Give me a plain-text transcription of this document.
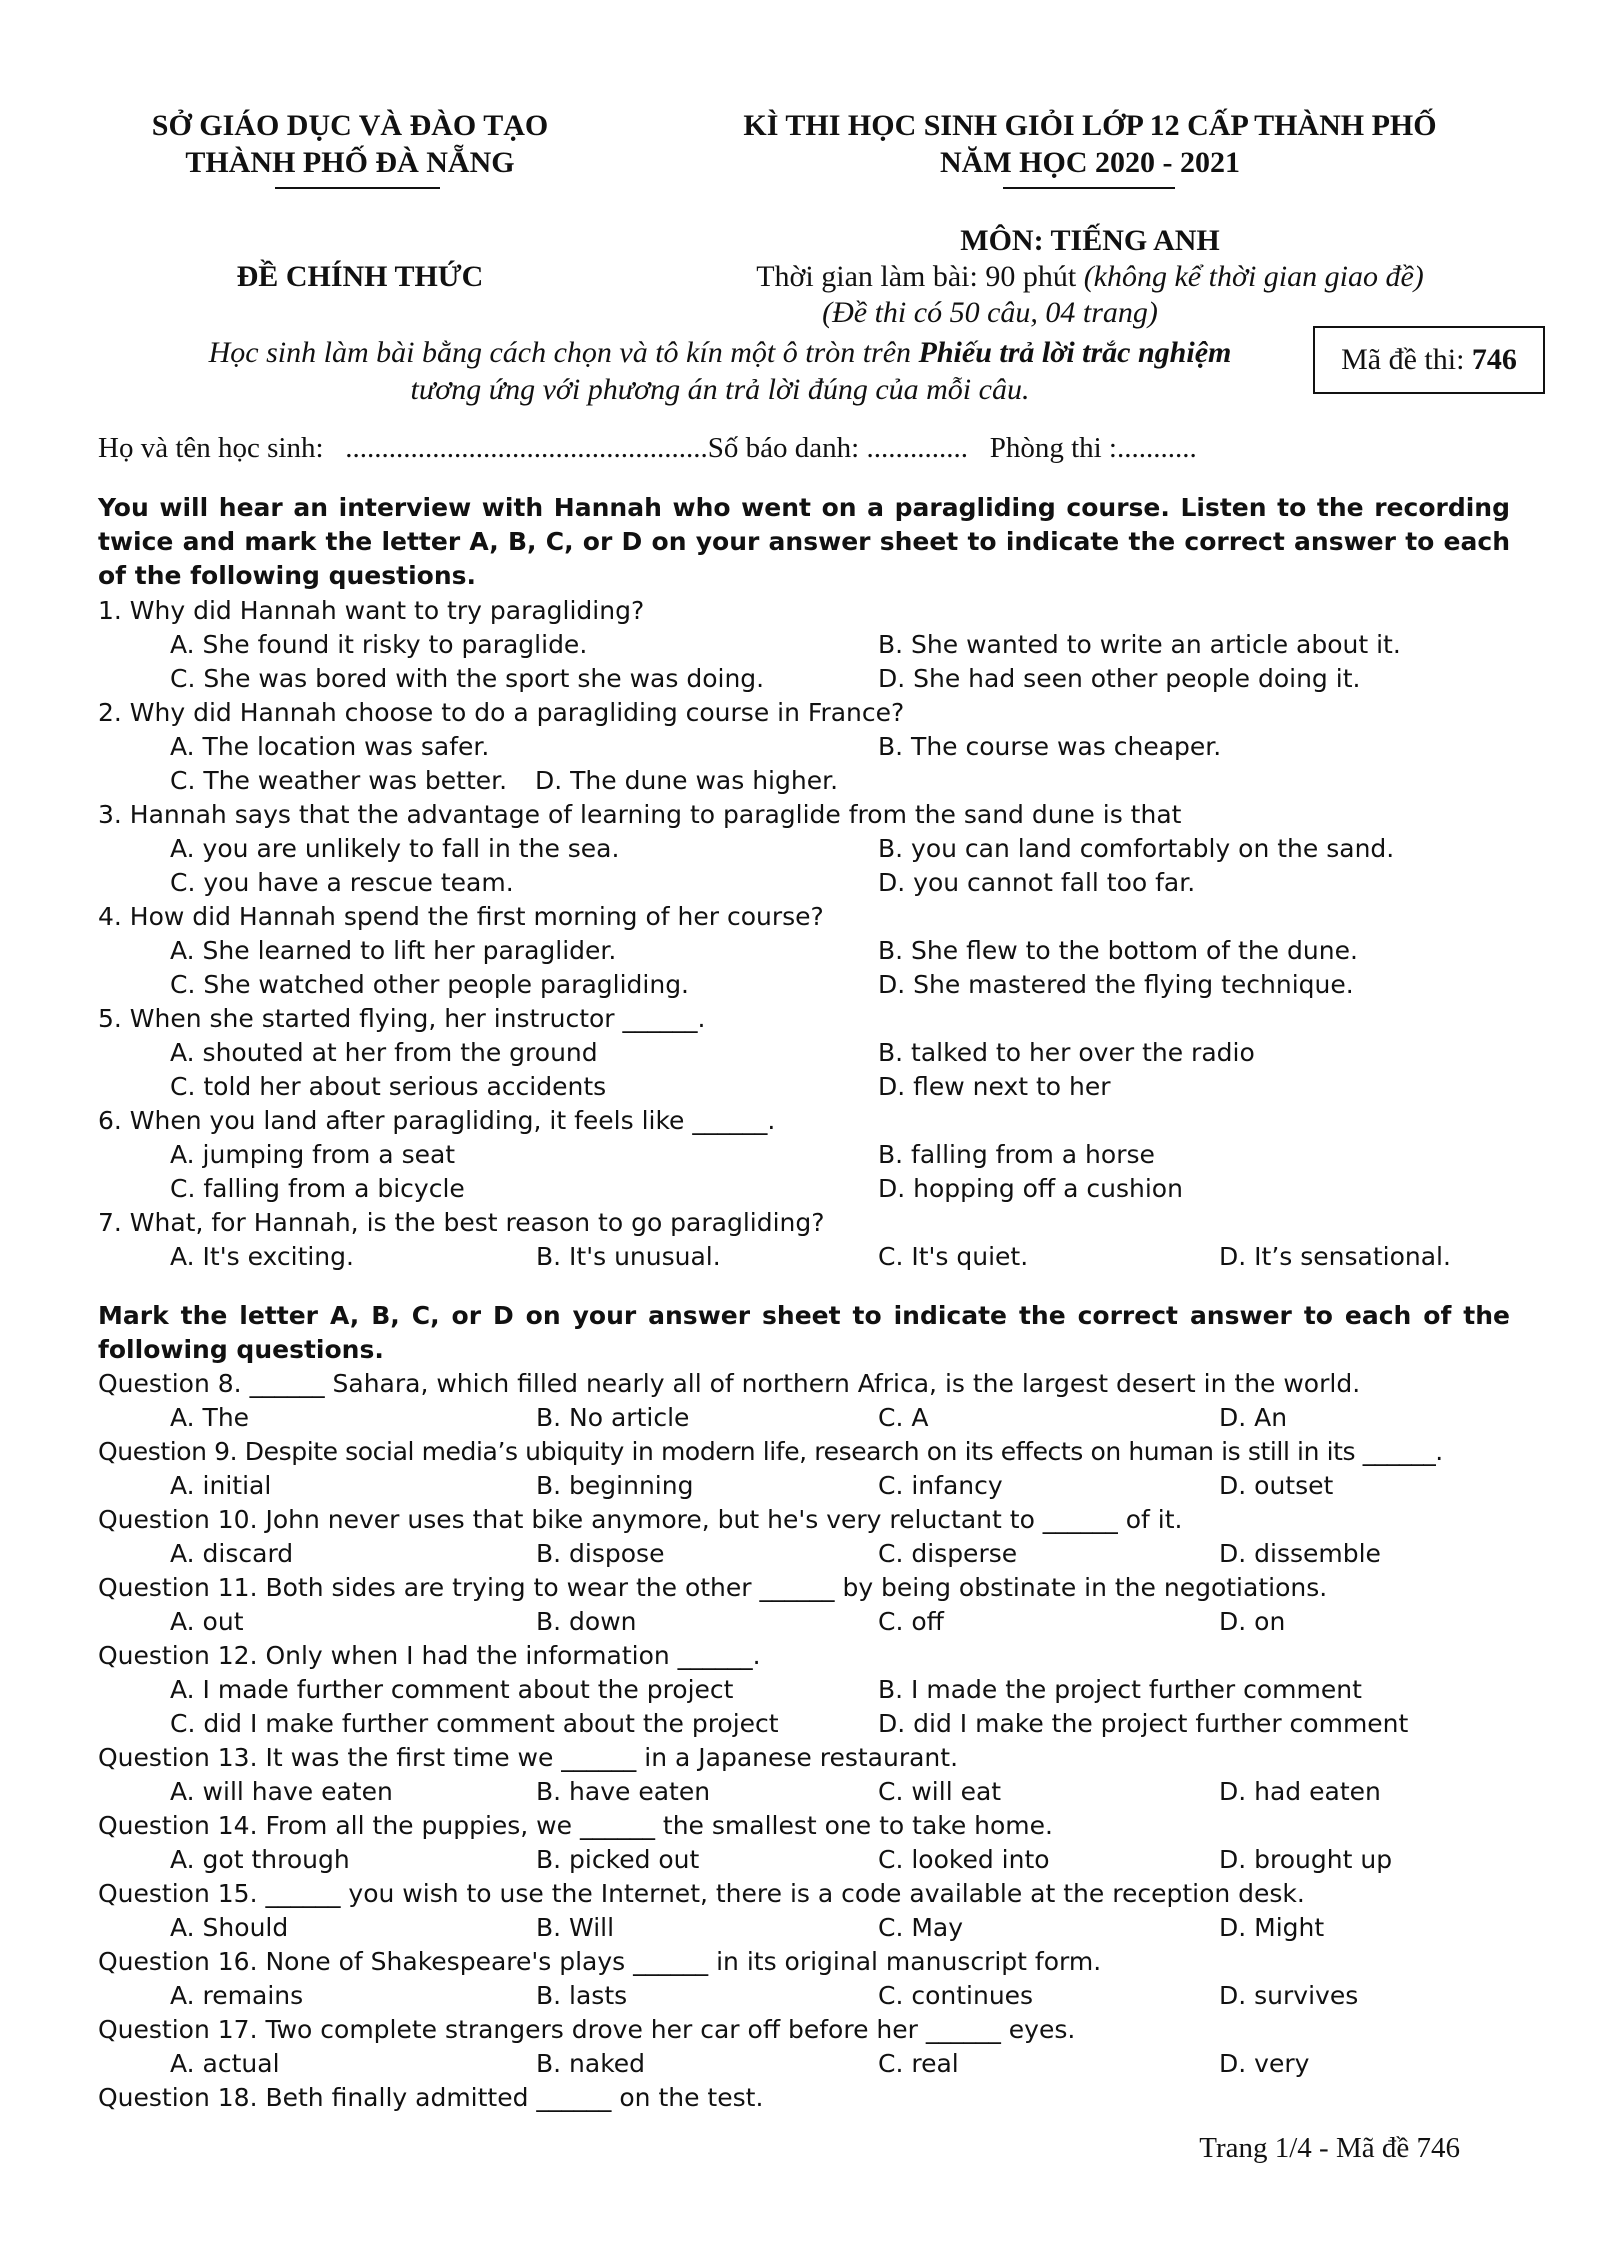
SỞ GIÁO DỤC VÀ ĐÀO TẠO
THÀNH PHỐ ĐÀ NẴNG
KÌ THI HỌC SINH GIỎI LỚP 12 CẤP THÀNH PHỐ
NĂM HỌC 2020 - 2021
MÔN: TIẾNG ANH
ĐỀ CHÍNH THỨC	Thời gian làm bài: 90 phút (không kể thời gian giao đề)
(Đề thi có 50 câu, 04 trang)
Học sinh làm bài bằng cách chọn và tô kín một ô tròn trên Phiếu trả lời trắc nghiệm
tương ứng với phương án trả lời đúng của mỗi câu.
Mã đề thi: 746
Họ và tên học sinh:   ..................................................Số báo danh: ..............   Phòng thi :...........
You will hear an interview with Hannah who went on a paragliding course. Listen to the recording twice and mark the letter A, B, C, or D on your answer sheet to indicate the correct answer to each of the following questions.
1. Why did Hannah want to try paragliding?
A. She found it risky to paraglide.	B. She wanted to write an article about it.
C. She was bored with the sport she was doing.	D. She had seen other people doing it.
2. Why did Hannah choose to do a paragliding course in France?
A. The location was safer.	B. The course was cheaper.
C. The weather was better. D. The dune was higher.
3. Hannah says that the advantage of learning to paraglide from the sand dune is that
A. you are unlikely to fall in the sea.	B. you can land comfortably on the sand.
C. you have a rescue team.	D. you cannot fall too far.
4. How did Hannah spend the first morning of her course?
A. She learned to lift her paraglider.	B. She flew to the bottom of the dune.
C. She watched other people paragliding.	D. She mastered the flying technique.
5. When she started flying, her instructor ______.
A. shouted at her from the ground	B. talked to her over the radio
C. told her about serious accidents	D. flew next to her
6. When you land after paragliding, it feels like ______.
A. jumping from a seat	B. falling from a horse
C. falling from a bicycle	D. hopping off a cushion
7. What, for Hannah, is the best reason to go paragliding?
A. It's exciting.	B. It's unusual.	C. It's quiet.	D. It’s sensational.
Mark the letter A, B, C, or D on your answer sheet to indicate the correct answer to each of the following questions.
Question 8. ______ Sahara, which filled nearly all of northern Africa, is the largest desert in the world.
A. The	B. No article	C. A	D. An
Question 9. Despite social media’s ubiquity in modern life, research on its effects on human is still in its ______.
A. initial	B. beginning	C. infancy	D. outset
Question 10. John never uses that bike anymore, but he's very reluctant to ______ of it.
A. discard	B. dispose	C. disperse	D. dissemble
Question 11. Both sides are trying to wear the other ______ by being obstinate in the negotiations.
A. out	B. down	C. off	D. on
Question 12. Only when I had the information ______.
A. I made further comment about the project	B. I made the project further comment
C. did I make further comment about the project	D. did I make the project further comment
Question 13. It was the first time we ______ in a Japanese restaurant.
A. will have eaten	B. have eaten	C. will eat	D. had eaten
Question 14. From all the puppies, we ______ the smallest one to take home.
A. got through	B. picked out	C. looked into	D. brought up
Question 15. ______ you wish to use the Internet, there is a code available at the reception desk.
A. Should	B. Will	C. May	D. Might
Question 16. None of Shakespeare's plays ______ in its original manuscript form.
A. remains	B. lasts	C. continues	D. survives
Question 17. Two complete strangers drove her car off before her ______ eyes.
A. actual	B. naked	C. real	D. very
Question 18. Beth finally admitted ______ on the test.
Trang 1/4 - Mã đề 746
